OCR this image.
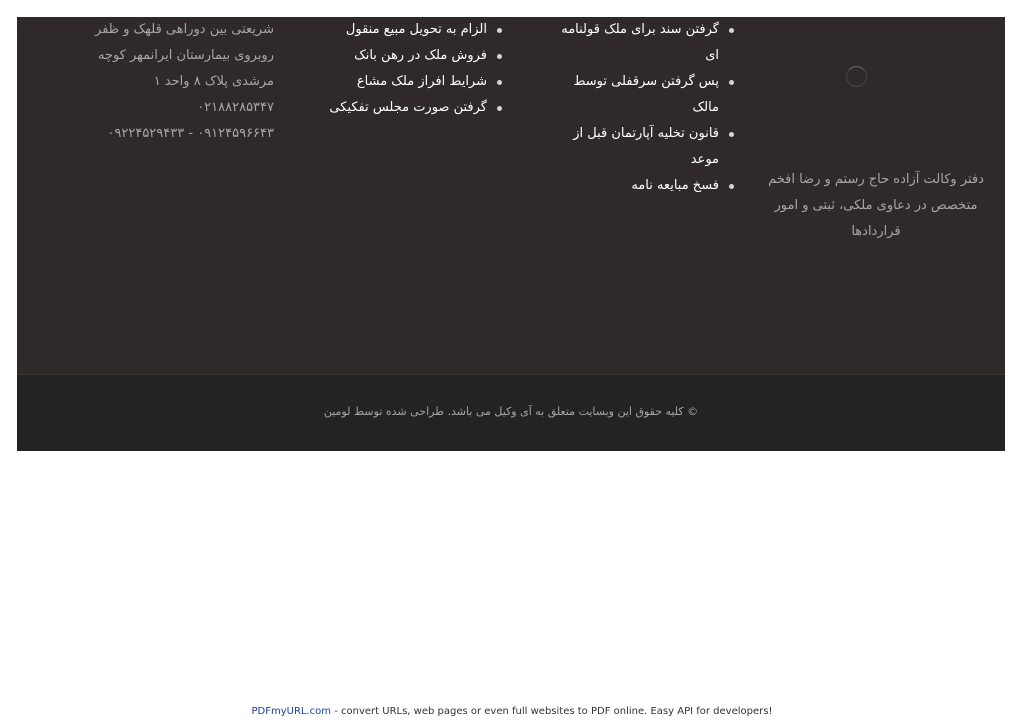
دفتر وکالت آزاده حاج رستم و رضا افخم متخصص در دعاوی ملکی، ثبتی و امور قراردادها
گرفتن سند برای ملک قولنامه ای
پس گرفتن سرقفلی توسط مالک
قانون تخلیه آپارتمان قبل از موعد
فسخ مبایعه نامه
الزام به تحویل مبیع منقول
فروش ملک در رهن بانک
شرایط افراز ملک مشاع
گرفتن صورت مجلس تفکیکی

شریعتی بین دوراهی قلهک و ظفر روبروی بیمارستان ایرانمهر کوچه مرشدی پلاک ۸ واحد ۱

۰۲۱۸۸۲۸۵۳۴۷

۰۹۱۲۴۵۹۶۶۴۳ - ۰۹۲۲۴۵۲۹۴۳۳

© کلیه حقوق این وبسایت متعلق به آی وکیل می باشد. طراحی شده توسط لومین
PDFmyURL.com - convert URLs, web pages or even full websites to PDF online. Easy API for developers!
